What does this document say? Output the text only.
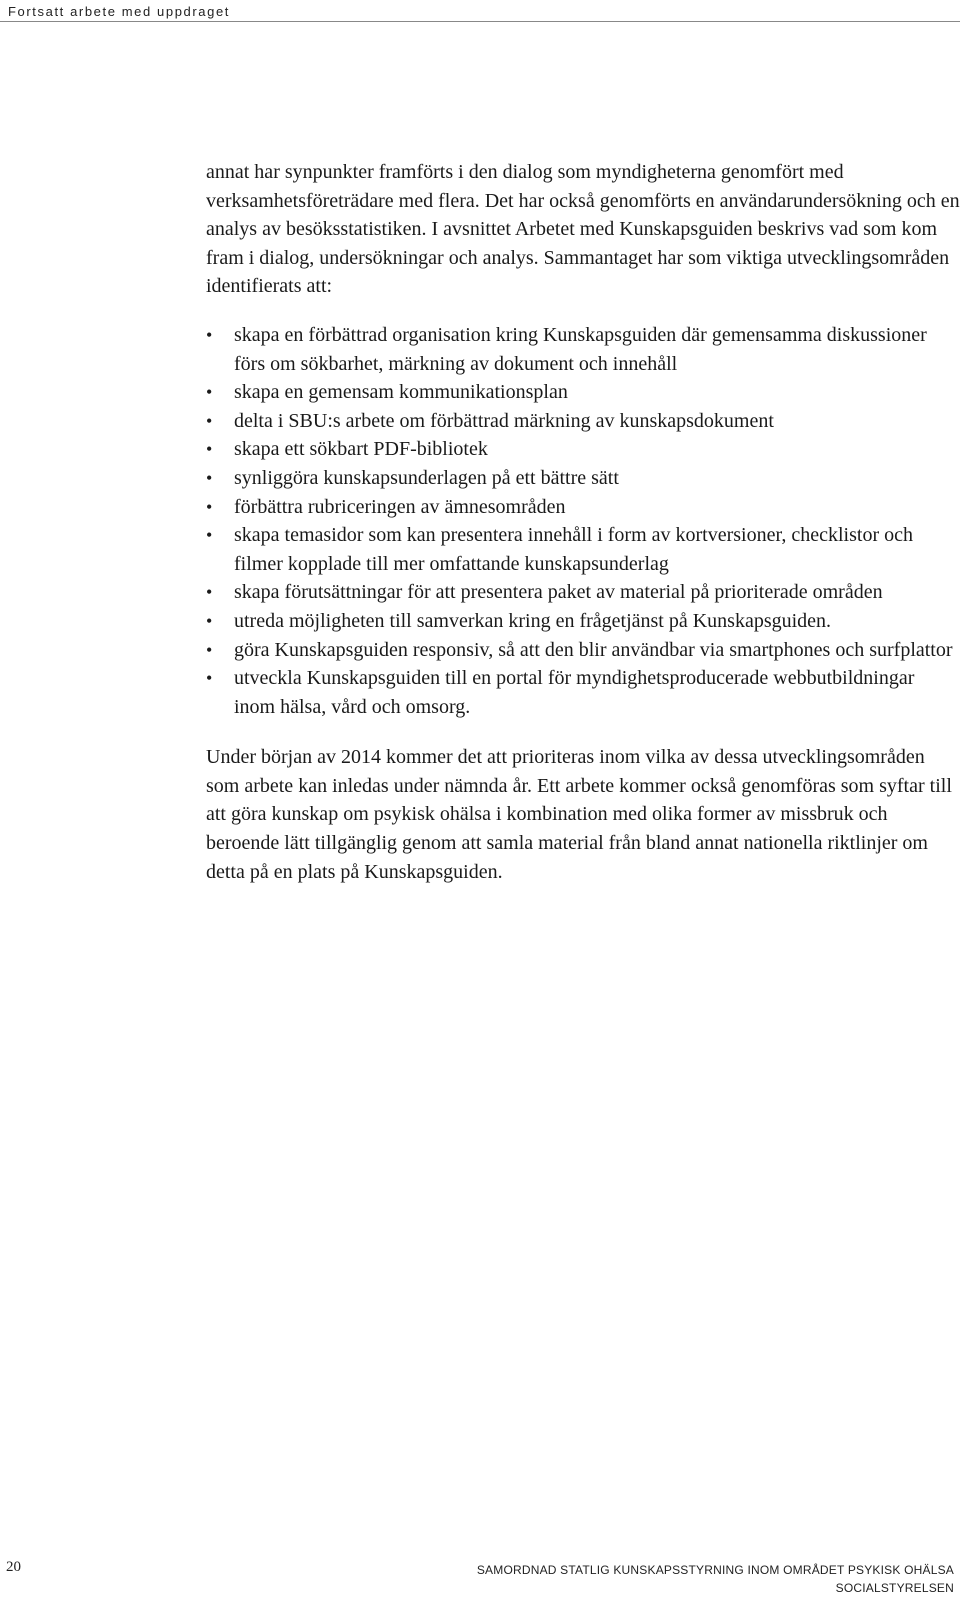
Fortsatt arbete med uppdraget

annat har synpunkter framförts i den dialog som myndigheterna genomfört med verksamhetsföreträdare med flera. Det har också genomförts en användarundersökning och en analys av besöksstatistiken. I avsnittet Arbetet med Kunskapsguiden beskrivs vad som kom fram i dialog, undersökningar och analys. Sammantaget har som viktiga utvecklingsområden identifierats att:

• skapa en förbättrad organisation kring Kunskapsguiden där gemensamma diskussioner förs om sökbarhet, märkning av dokument och innehåll
• skapa en gemensam kommunikationsplan
• delta i SBU:s arbete om förbättrad märkning av kunskapsdokument
• skapa ett sökbart PDF-bibliotek
• synliggöra kunskapsunderlagen på ett bättre sätt
• förbättra rubriceringen av ämnesområden
• skapa temasidor som kan presentera innehåll i form av kortversioner, checklistor och filmer kopplade till mer omfattande kunskapsunderlag
• skapa förutsättningar för att presentera paket av material på prioriterade områden
• utreda möjligheten till samverkan kring en frågetjänst på Kunskapsguiden.
• göra Kunskapsguiden responsiv, så att den blir användbar via smartphones och surfplattor
• utveckla Kunskapsguiden till en portal för myndighetsproducerade webbutbildningar inom hälsa, vård och omsorg.

Under början av 2014 kommer det att prioriteras inom vilka av dessa utvecklingsområden som arbete kan inledas under nämnda år. Ett arbete kommer också genomföras som syftar till att göra kunskap om psykisk ohälsa i kombination med olika former av missbruk och beroende lätt tillgänglig genom att samla material från bland annat nationella riktlinjer om detta på en plats på Kunskapsguiden.

20	SAMORDNAD STATLIG KUNSKAPSSTYRNING INOM OMRÅDET PSYKISK OHÄLSA
SOCIALSTYRELSEN
